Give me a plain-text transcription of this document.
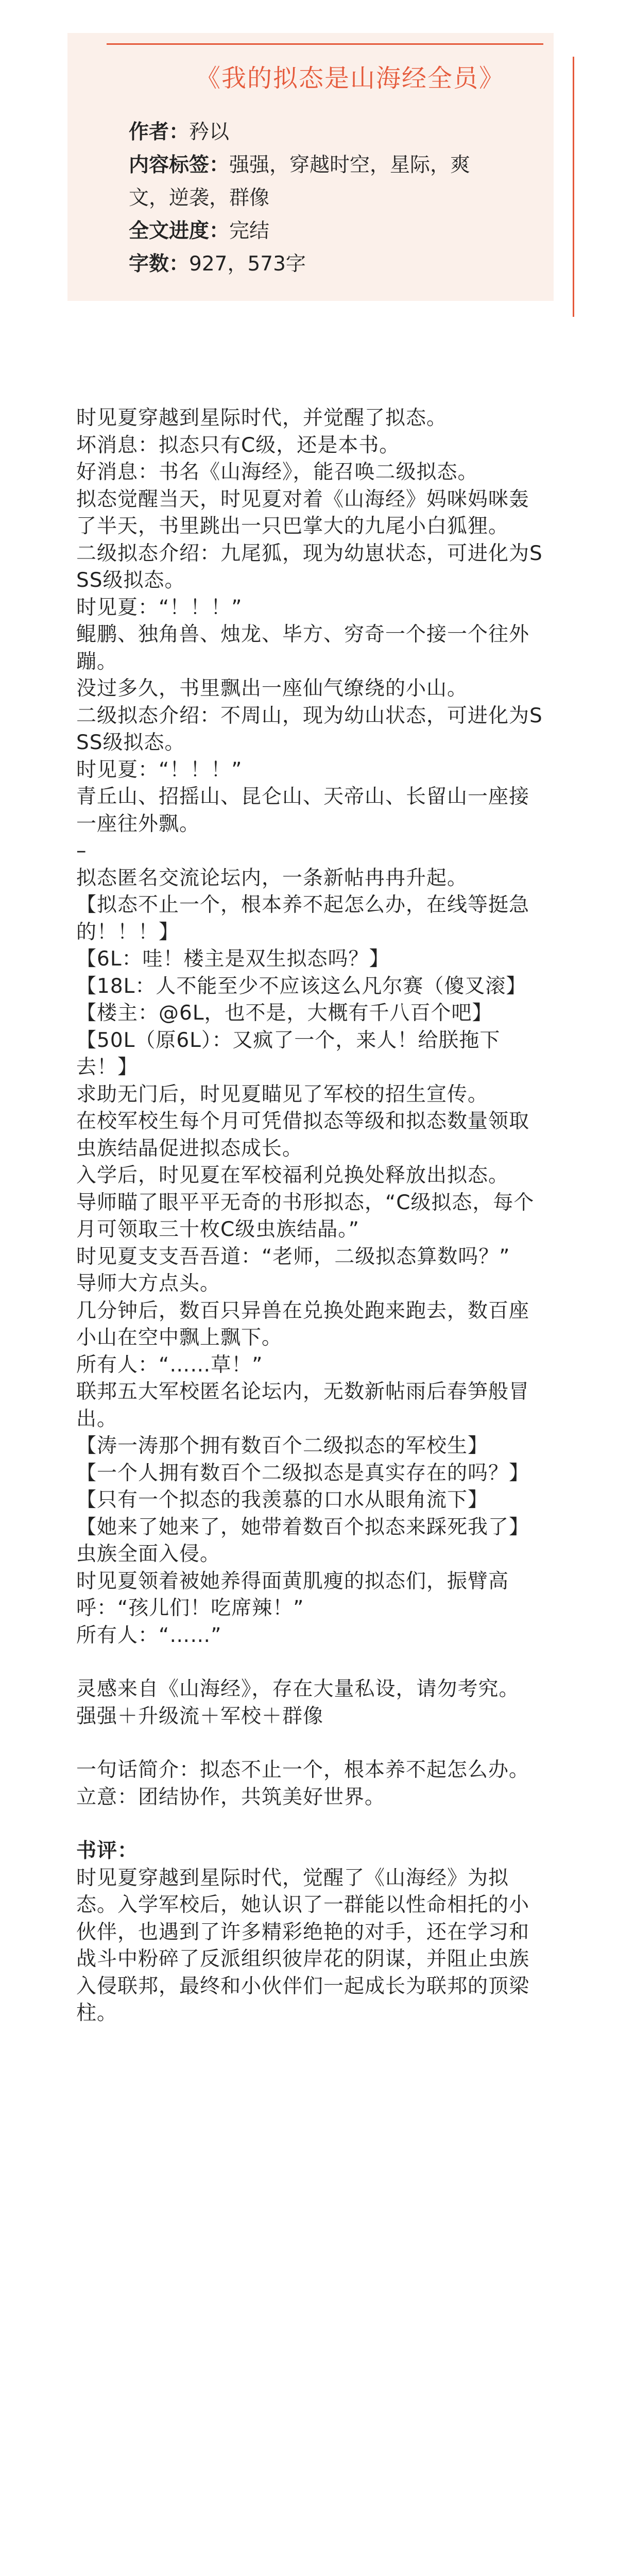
《我的拟态是山海经全员》

作者：矜以

内容标签：强强，穿越时空，星际，爽

文，逆袭，群像

全文进度：完结

字数：927，573字

时见夏穿越到星际时代，并觉醒了拟态。

坏消息：拟态只有C级，还是本书。

好消息：书名《山海经》，能召唤二级拟态。

拟态觉醒当天，时见夏对着《山海经》妈咪妈咪轰了半天，书里跳出一只巴掌大的九尾小白狐狸。

二级拟态介绍：九尾狐，现为幼崽状态，可进化为SSS级拟态。

时见夏：“！！！”

鲲鹏、独角兽、烛龙、毕方、穷奇一个接一个往外蹦。

没过多久，书里飘出一座仙气缭绕的小山。

二级拟态介绍：不周山，现为幼山状态，可进化为SSS级拟态。

时见夏：“！！！”

青丘山、招摇山、昆仑山、天帝山、长留山一座接一座往外飘。

–

拟态匿名交流论坛内，一条新帖冉冉升起。

【拟态不止一个，根本养不起怎么办，在线等挺急的！！！】

【6L：哇！楼主是双生拟态吗？】

【18L：人不能至少不应该这么凡尔赛（傻叉滚】

【楼主：@6L，也不是，大概有千八百个吧】

【50L（原6L）：又疯了一个，来人！给朕拖下去！】

求助无门后，时见夏瞄见了军校的招生宣传。

在校军校生每个月可凭借拟态等级和拟态数量领取虫族结晶促进拟态成长。

入学后，时见夏在军校福利兑换处释放出拟态。

导师瞄了眼平平无奇的书形拟态，“C级拟态，每个月可领取三十枚C级虫族结晶。”

时见夏支支吾吾道：“老师，二级拟态算数吗？”

导师大方点头。

几分钟后，数百只异兽在兑换处跑来跑去，数百座小山在空中飘上飘下。

所有人：“……草！”

联邦五大军校匿名论坛内，无数新帖雨后春笋般冒出。

【涛一涛那个拥有数百个二级拟态的军校生】

【一个人拥有数百个二级拟态是真实存在的吗？】

【只有一个拟态的我羡慕的口水从眼角流下】

【她来了她来了，她带着数百个拟态来踩死我了】

虫族全面入侵。

时见夏领着被她养得面黄肌瘦的拟态们，振臂高呼：“孩儿们！吃席辣！”

所有人：“……”

灵感来自《山海经》，存在大量私设，请勿考究。

强强＋升级流＋军校＋群像

一句话简介：拟态不止一个，根本养不起怎么办。

立意：团结协作，共筑美好世界。

书评：

时见夏穿越到星际时代，觉醒了《山海经》为拟态。入学军校后，她认识了一群能以性命相托的小伙伴，也遇到了许多精彩绝艳的对手，还在学习和战斗中粉碎了反派组织彼岸花的阴谋，并阻止虫族入侵联邦，最终和小伙伴们一起成长为联邦的顶梁柱。
